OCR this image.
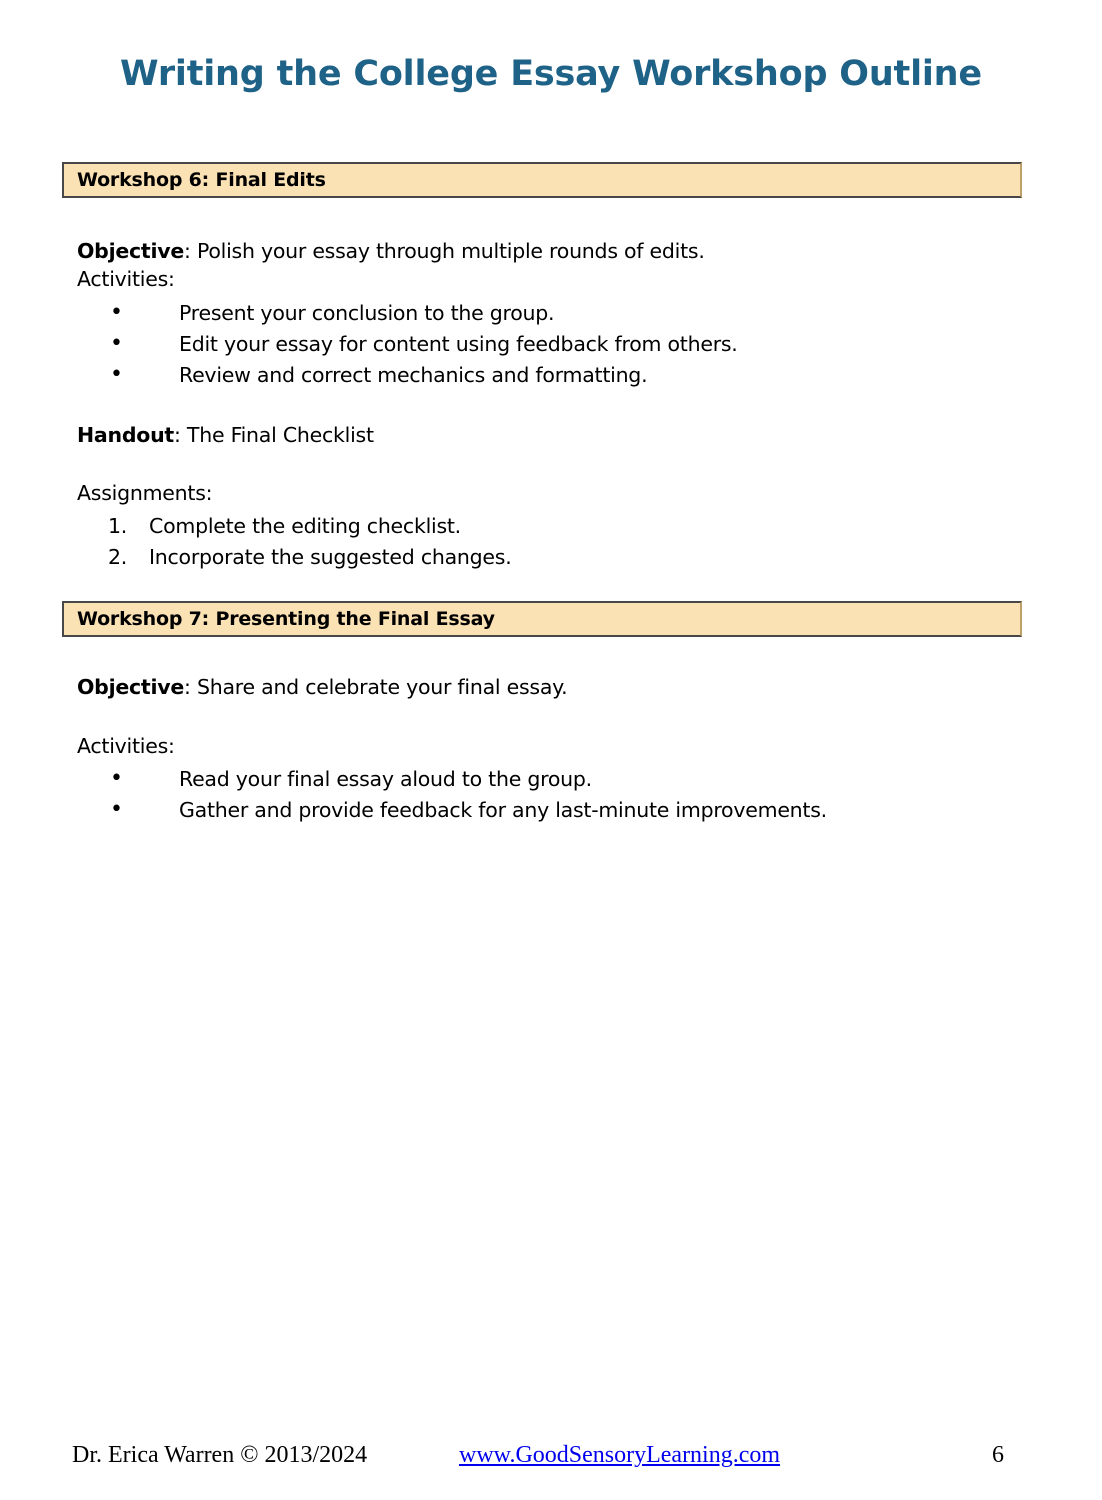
Writing the College Essay Workshop Outline
Workshop 6: Final Edits
Objective: Polish your essay through multiple rounds of edits.
Activities:
•	Present your conclusion to the group.
•	Edit your essay for content using feedback from others.
•	Review and correct mechanics and formatting.
Handout: The Final Checklist
Assignments:
1.	Complete the editing checklist.
2.	Incorporate the suggested changes.
Workshop 7: Presenting the Final Essay
Objective: Share and celebrate your final essay.
Activities:
•	Read your final essay aloud to the group.
•	Gather and provide feedback for any last-minute improvements.
Dr. Erica Warren © 2013/2024	www.GoodSensoryLearning.com	6
